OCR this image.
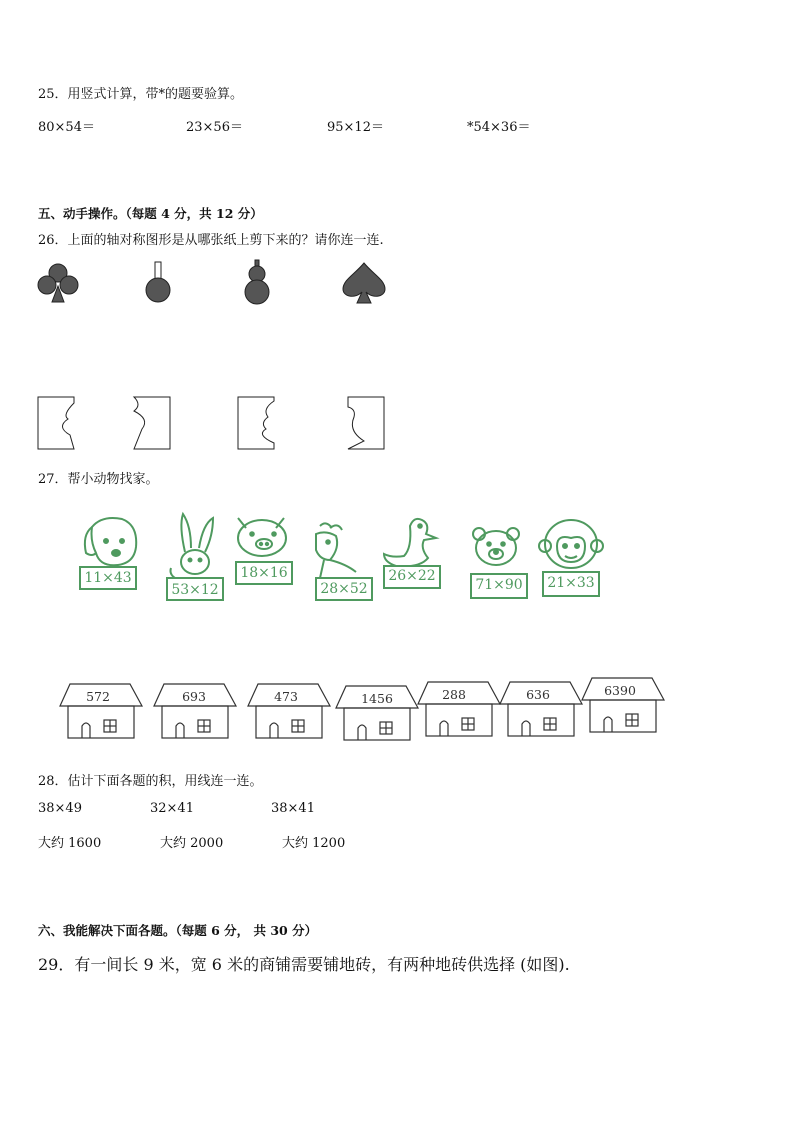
25．用竖式计算，带*的题要验算。
80×54＝	23×56＝	95×12＝	*54×36＝
五、动手操作。（每题 4 分，共 12 分）
26．上面的轴对称图形是从哪张纸上剪下来的？请你连一连.
27．帮小动物找家。
11×43
53×12
18×16
28×52
26×22
71×90	21×33
572	693	473	1456	288	636	6390
28．估计下面各题的积，用线连一连。
38×49	32×41	38×41
大约 1600	大约 2000	大约 1200
六、我能解决下面各题。（每题 6 分， 共 30 分）
29．有一间长 9 米，宽 6 米的商铺需要铺地砖，有两种地砖供选择 (如图).
